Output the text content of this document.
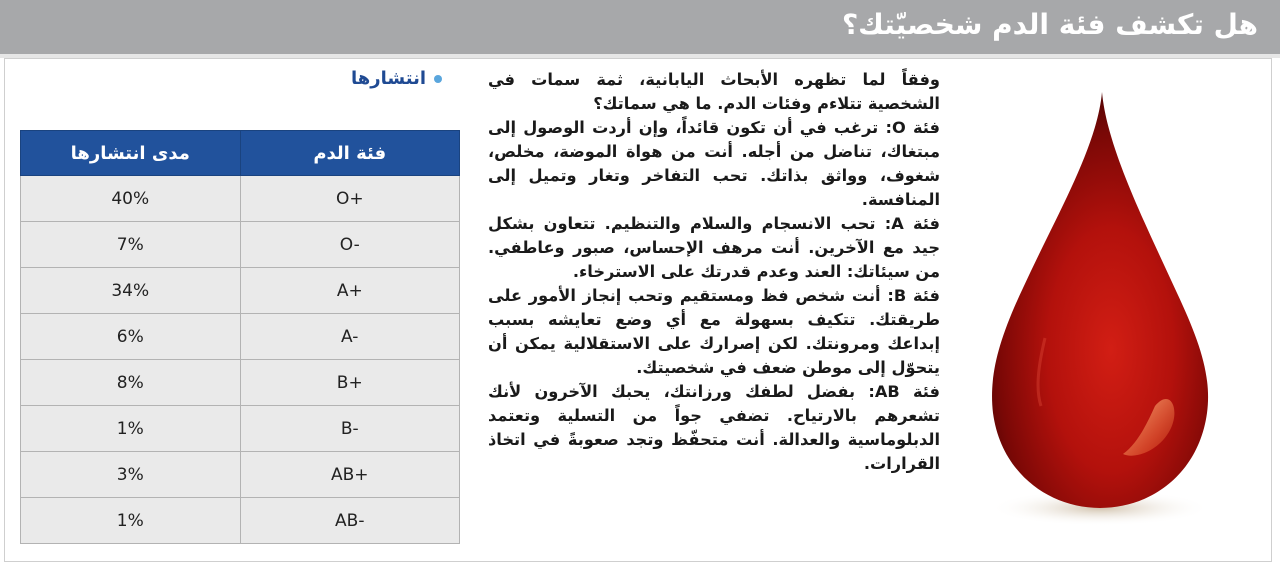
هل تكشف فئة الدم شخصيّتك؟
انتشارها
مدى انتشارها	فئة الدم
40%	O+
7%	O-
34%	A+
6%	A-
8%	B+
1%	B-
3%	AB+
1%	AB-

وفقاً لما تظهره الأبحاث اليابانية، ثمة سمات في الشخصية تتلاءم وفئات الدم. ما هي سماتك؟

فئة O: ترغب في أن تكون قائداً، وإن أردت الوصول إلى مبتغاك، تناضل من أجله. أنت من هواة الموضة، مخلص، شغوف، وواثق بذاتك. تحب التفاخر وتغار وتميل إلى المنافسة.

فئة A: تحب الانسجام والسلام والتنظيم. تتعاون بشكل جيد مع الآخرين. أنت مرهف الإحساس، صبور وعاطفي. من سيئاتك: العند وعدم قدرتك على الاسترخاء.

فئة B: أنت شخص فظ ومستقيم وتحب إنجاز الأمور على طريقتك. تتكيف بسهولة مع أي وضع تعايشه بسبب إبداعك ومرونتك. لكن إصرارك على الاستقلالية يمكن أن يتحوّل إلى موطن ضعف في شخصيتك.

فئة AB: بفضل لطفك ورزانتك، يحبك الآخرون لأنك تشعرهم بالارتياح. تضفي جواً من التسلية وتعتمد الدبلوماسية والعدالة. أنت متحفّظ وتجد صعوبةً في اتخاذ القرارات.
